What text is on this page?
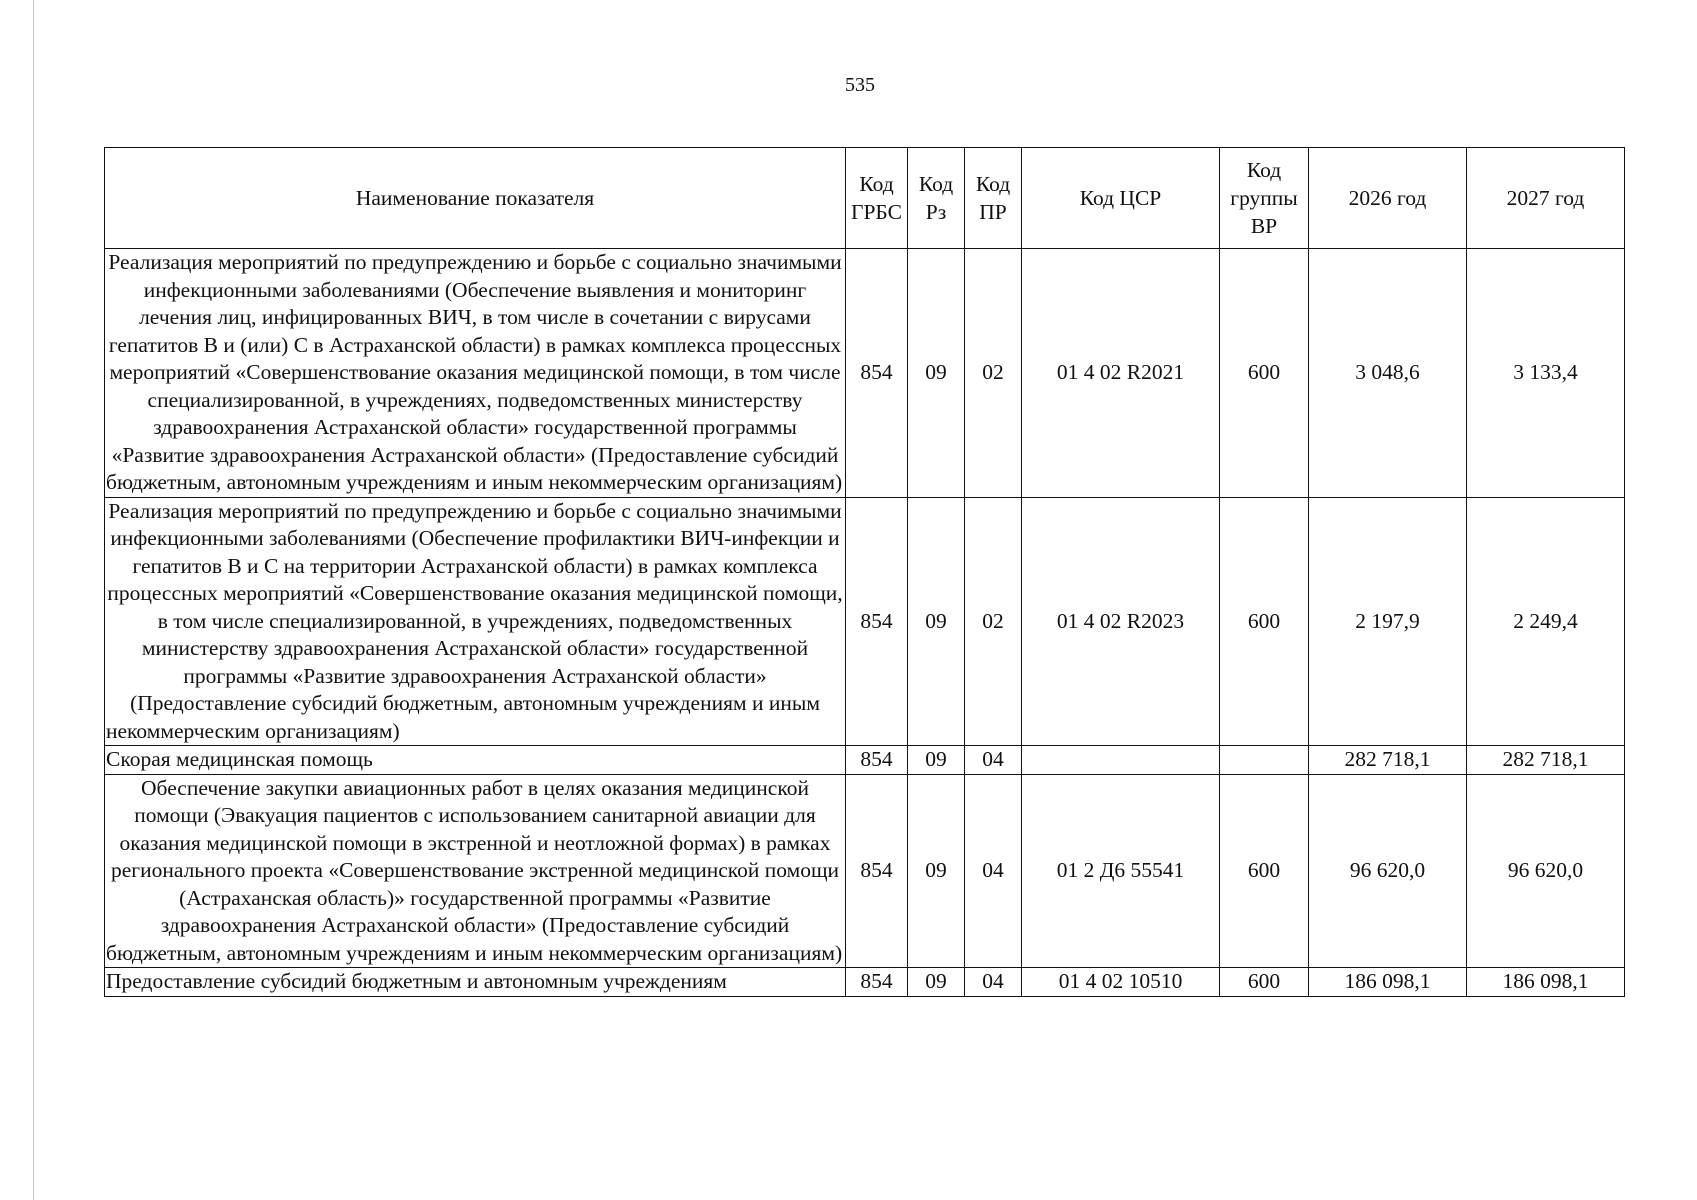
535
Наименование показателя	Код ГРБС	Код Рз	Код ПР	Код ЦСР	Код группы ВР	2026 год	2027 год
Реализация мероприятий по предупреждению и борьбе с социально значимыми инфекционными заболеваниями (Обеспечение выявления и мониторинг лечения лиц, инфицированных ВИЧ, в том числе в сочетании с вирусами гепатитов В и (или) С в Астраханской области) в рамках комплекса процессных мероприятий «Совершенствование оказания медицинской помощи, в том числе специализированной, в учреждениях, подведомственных министерству здравоохранения Астраханской области» государственной программы «Развитие здравоохранения Астраханской области» (Предоставление субсидий бюджетным, автономным учреждениям и иным некоммерческим организациям)	854	09	02	01 4 02 R2021	600	3 048,6	3 133,4
Реализация мероприятий по предупреждению и борьбе с социально значимыми инфекционными заболеваниями (Обеспечение профилактики ВИЧ-инфекции и гепатитов В и С на территории Астраханской области) в рамках комплекса процессных мероприятий «Совершенствование оказания медицинской помощи, в том числе специализированной, в учреждениях, подведомственных министерству здравоохранения Астраханской области» государственной программы «Развитие здравоохранения Астраханской области» (Предоставление субсидий бюджетным, автономным учреждениям и иным некоммерческим организациям)	854	09	02	01 4 02 R2023	600	2 197,9	2 249,4
Скорая медицинская помощь	854	09	04			282 718,1	282 718,1
Обеспечение закупки авиационных работ в целях оказания медицинской помощи (Эвакуация пациентов с использованием санитарной авиации для оказания медицинской помощи в экстренной и неотложной формах) в рамках регионального проекта «Совершенствование экстренной медицинской помощи (Астраханская область)» государственной программы «Развитие здравоохранения Астраханской области» (Предоставление субсидий бюджетным, автономным учреждениям и иным некоммерческим организациям)	854	09	04	01 2 Д6 55541	600	96 620,0	96 620,0
Предоставление субсидий бюджетным и автономным учреждениям	854	09	04	01 4 02 10510	600	186 098,1	186 098,1
